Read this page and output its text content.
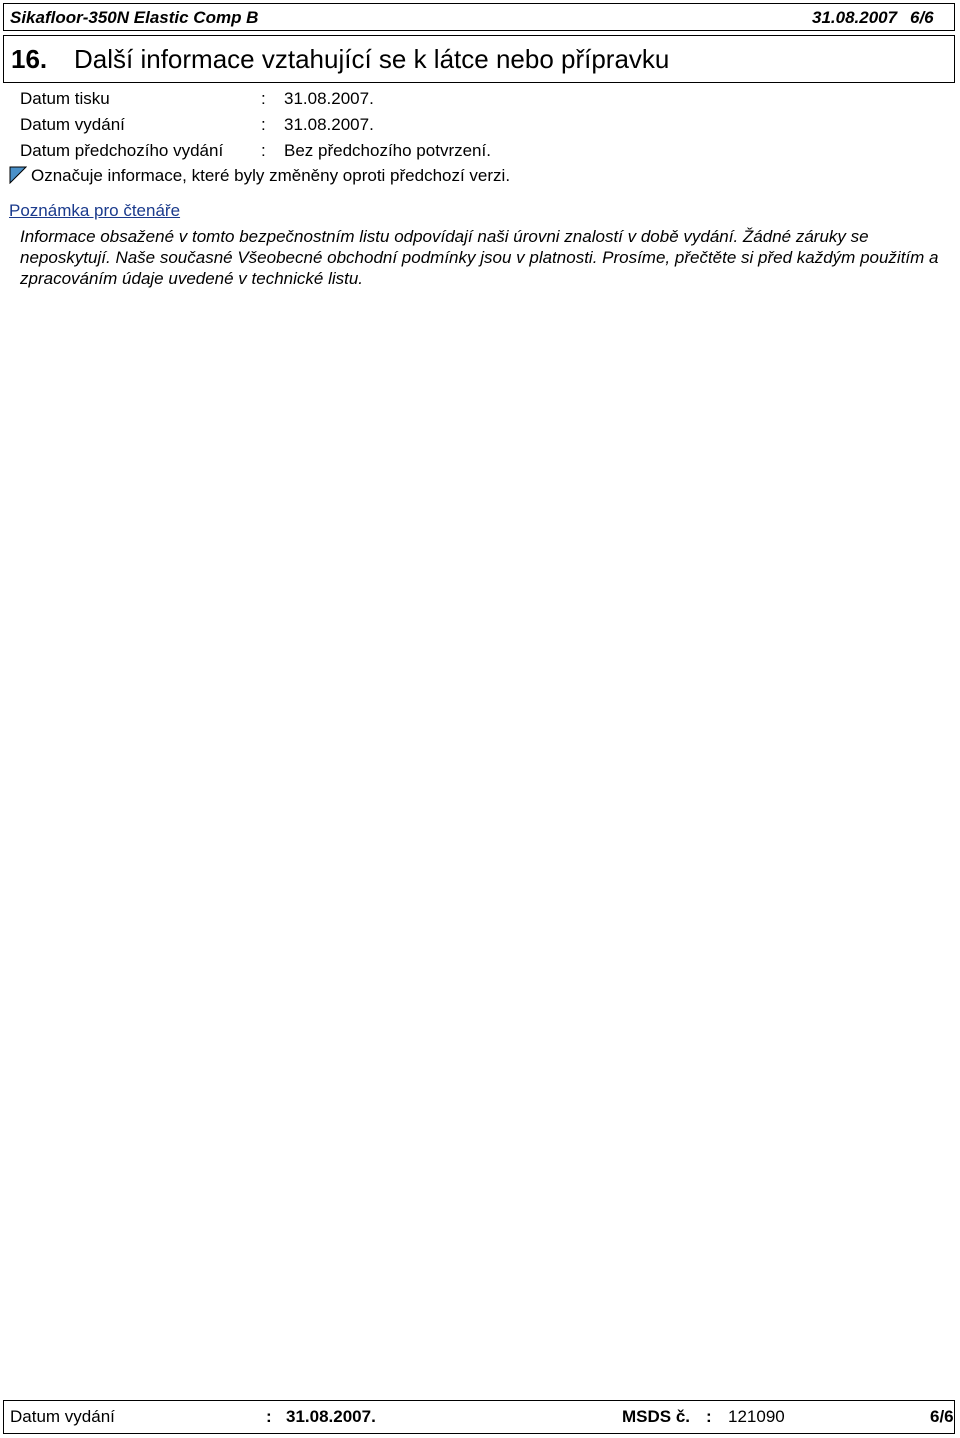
Sikafloor-350N Elastic Comp B	31.08.2007 6/6
16. Další informace vztahující se k látce nebo přípravku
Datum tisku	: 31.08.2007.
Datum vydání	: 31.08.2007.
Datum předchozího vydání : Bez předchozího potvrzení.
Označuje informace, které byly změněny oproti předchozí verzi.
Poznámka pro čtenáře
Informace obsažené v tomto bezpečnostním listu odpovídají naši úrovni znalostí v době vydání. Žádné záruky se neposkytují. Naše současné Všeobecné obchodní podmínky jsou v platnosti. Prosíme, přečtěte si před každým použitím a zpracováním údaje uvedené v technické listu.
Datum vydání	: 31.08.2007.	MSDS č. : 121090	6/6
